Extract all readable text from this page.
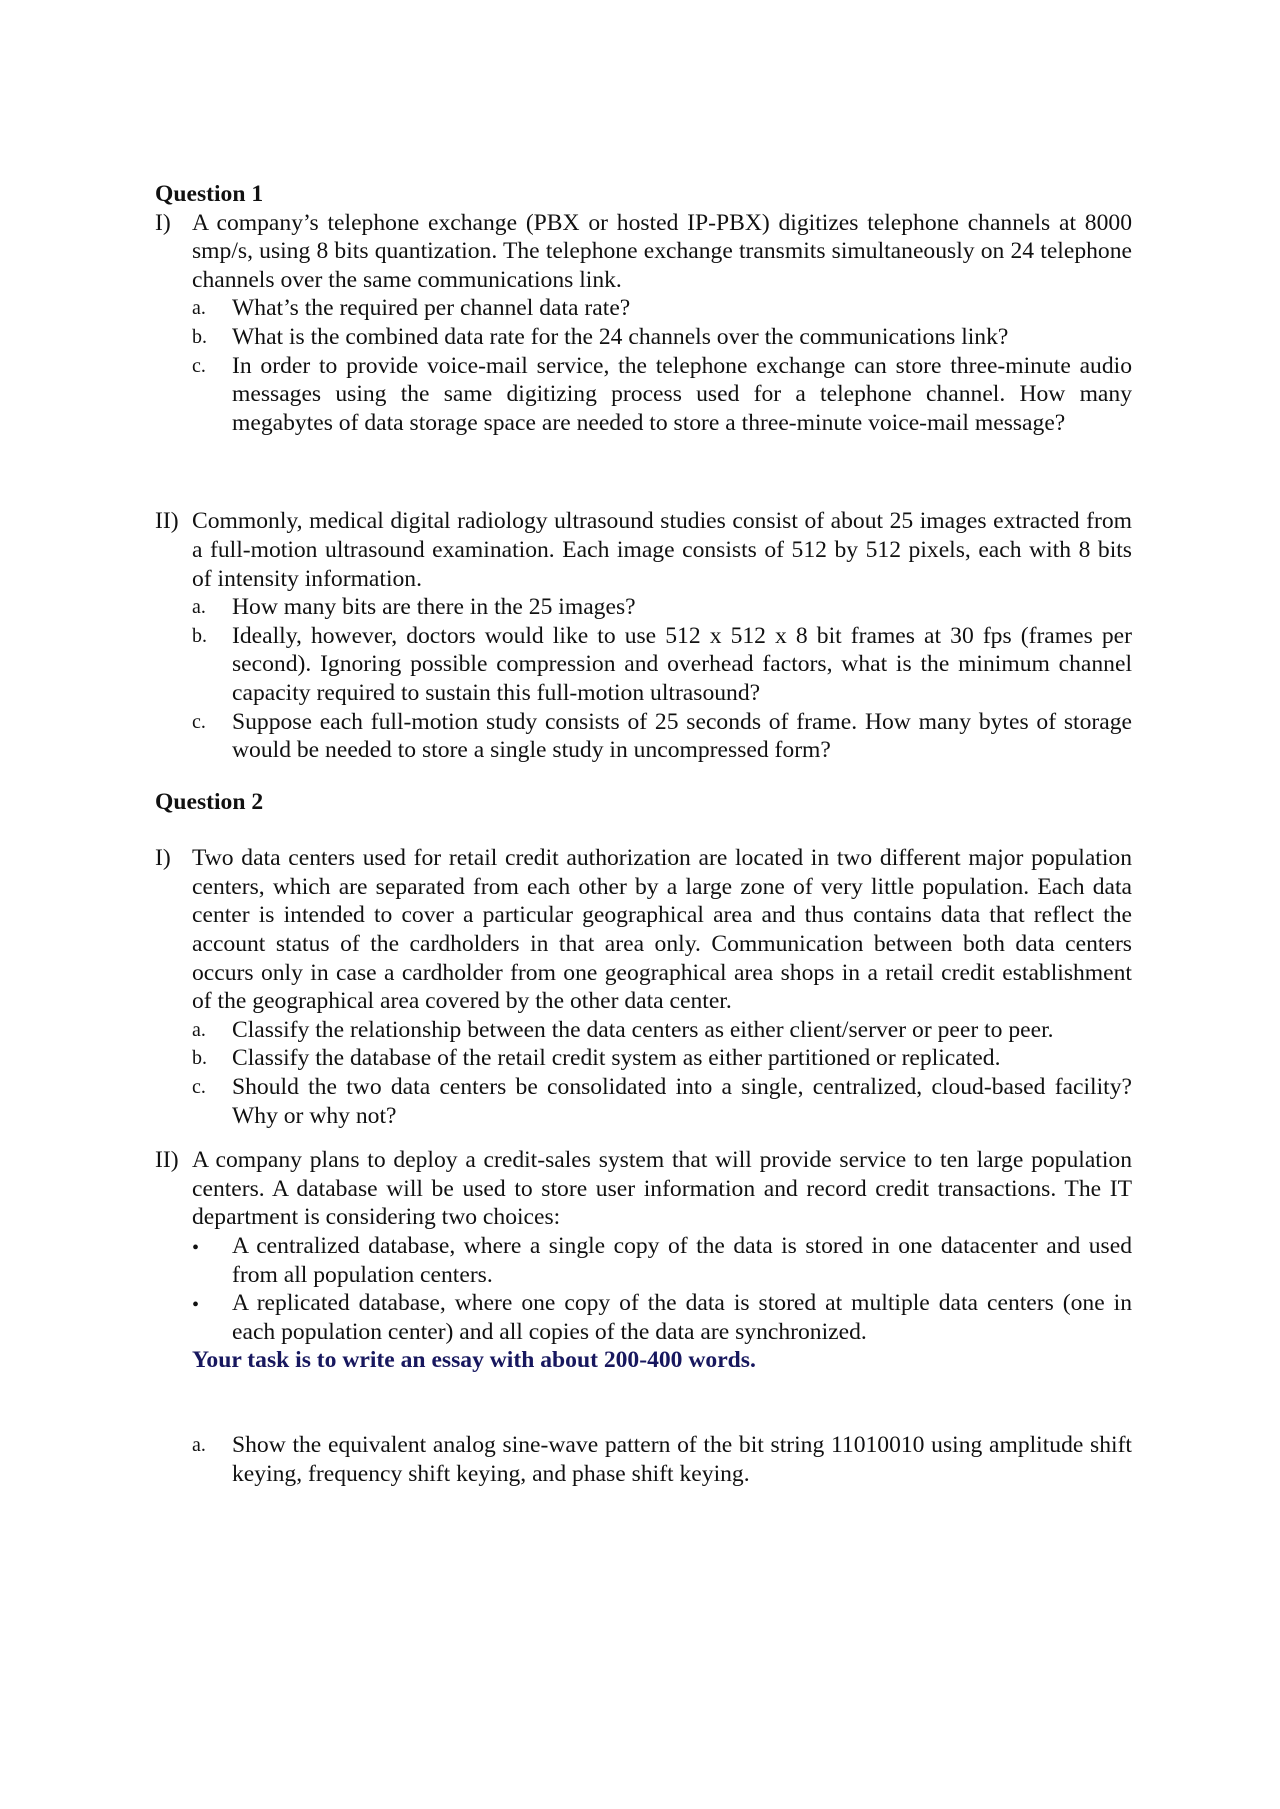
Question 1

I) A company’s telephone exchange (PBX or hosted IP-PBX) digitizes telephone channels at 8000 smp/s, using 8 bits quantization. The telephone exchange transmits simultaneously on 24 telephone channels over the same communications link.
a.	What’s the required per channel data rate?
b.	What is the combined data rate for the 24 channels over the communications link?
c.	In order to provide voice-mail service, the telephone exchange can store three-minute audio messages using the same digitizing process used for a telephone channel. How many megabytes of data storage space are needed to store a three-minute voice-mail message?
II) Commonly, medical digital radiology ultrasound studies consist of about 25 images extracted from a full-motion ultrasound examination. Each image consists of 512 by 512 pixels, each with 8 bits of intensity information.
a.	How many bits are there in the 25 images?
b.	Ideally, however, doctors would like to use 512 x 512 x 8 bit frames at 30 fps (frames per second). Ignoring possible compression and overhead factors, what is the minimum channel capacity required to sustain this full-motion ultrasound?
c.	Suppose each full-motion study consists of 25 seconds of frame. How many bytes of storage would be needed to store a single study in uncompressed form?

Question 2

I) Two data centers used for retail credit authorization are located in two different major population centers, which are separated from each other by a large zone of very little population. Each data center is intended to cover a particular geographical area and thus contains data that reflect the account status of the cardholders in that area only. Communication between both data centers occurs only in case a cardholder from one geographical area shops in a retail credit establishment of the geographical area covered by the other data center.
a.	Classify the relationship between the data centers as either client/server or peer to peer.
b.	Classify the database of the retail credit system as either partitioned or replicated.
c.	Should the two data centers be consolidated into a single, centralized, cloud-based facility? Why or why not?
II) A company plans to deploy a credit-sales system that will provide service to ten large population centers. A database will be used to store user information and record credit transactions. The IT department is considering two choices:
•	A centralized database, where a single copy of the data is stored in one datacenter and used from all population centers.
•	A replicated database, where one copy of the data is stored at multiple data centers (one in each population center) and all copies of the data are synchronized.

Your task is to write an essay with about 200-400 words.

a.	Show the equivalent analog sine-wave pattern of the bit string 11010010 using amplitude shift keying, frequency shift keying, and phase shift keying.
